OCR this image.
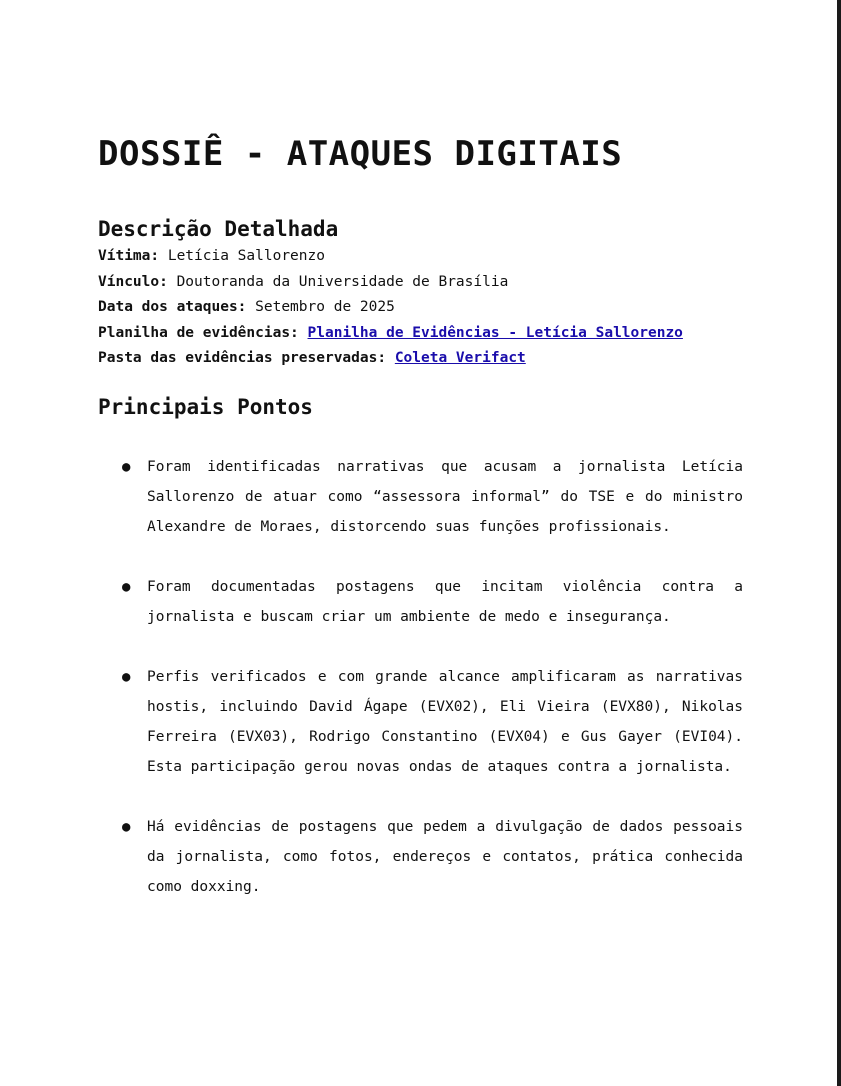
DOSSIÊ - ATAQUES DIGITAIS
Descrição Detalhada
Vítima: Letícia Sallorenzo
Vínculo: Doutoranda da Universidade de Brasília
Data dos ataques: Setembro de 2025
Planilha de evidências: Planilha de Evidências - Letícia Sallorenzo
Pasta das evidências preservadas: Coleta Verifact
Principais Pontos
● Foram identificadas narrativas que acusam a jornalista Letícia Sallorenzo de atuar como “assessora informal” do TSE e do ministro Alexandre de Moraes, distorcendo suas funções profissionais.
● Foram documentadas postagens que incitam violência contra a jornalista e buscam criar um ambiente de medo e insegurança.
● Perfis verificados e com grande alcance amplificaram as narrativas hostis, incluindo David Ágape (EVX02), Eli Vieira (EVX80), Nikolas Ferreira (EVX03), Rodrigo Constantino (EVX04) e Gus Gayer (EVI04). Esta participação gerou novas ondas de ataques contra a jornalista.
● Há evidências de postagens que pedem a divulgação de dados pessoais da jornalista, como fotos, endereços e contatos, prática conhecida como doxxing.
